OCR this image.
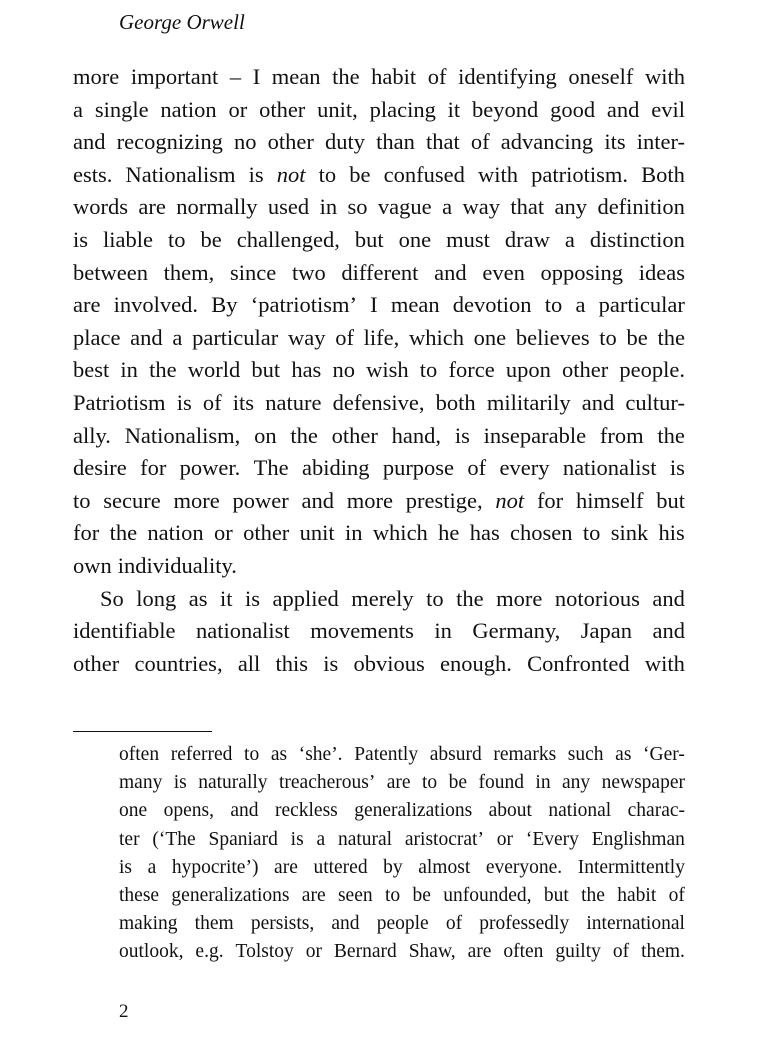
George Orwell
more important – I mean the habit of identifying oneself with
a single nation or other unit, placing it beyond good and evil
and recognizing no other duty than that of advancing its inter-
ests. Nationalism is not to be confused with patriotism. Both
words are normally used in so vague a way that any definition
is liable to be challenged, but one must draw a distinction
between them, since two different and even opposing ideas
are involved. By ‘patriotism’ I mean devotion to a particular
place and a particular way of life, which one believes to be the
best in the world but has no wish to force upon other people.
Patriotism is of its nature defensive, both militarily and cultur-
ally. Nationalism, on the other hand, is inseparable from the
desire for power. The abiding purpose of every nationalist is
to secure more power and more prestige, not for himself but
for the nation or other unit in which he has chosen to sink his
own individuality.
So long as it is applied merely to the more notorious and
identifiable nationalist movements in Germany, Japan and
other countries, all this is obvious enough. Confronted with
often referred to as ‘she’. Patently absurd remarks such as ‘Ger-
many is naturally treacherous’ are to be found in any newspaper
one opens, and reckless generalizations about national charac-
ter (‘The Spaniard is a natural aristocrat’ or ‘Every Englishman
is a hypocrite’) are uttered by almost everyone. Intermittently
these generalizations are seen to be unfounded, but the habit of
making them persists, and people of professedly international
outlook, e.g. Tolstoy or Bernard Shaw, are often guilty of them.
2
